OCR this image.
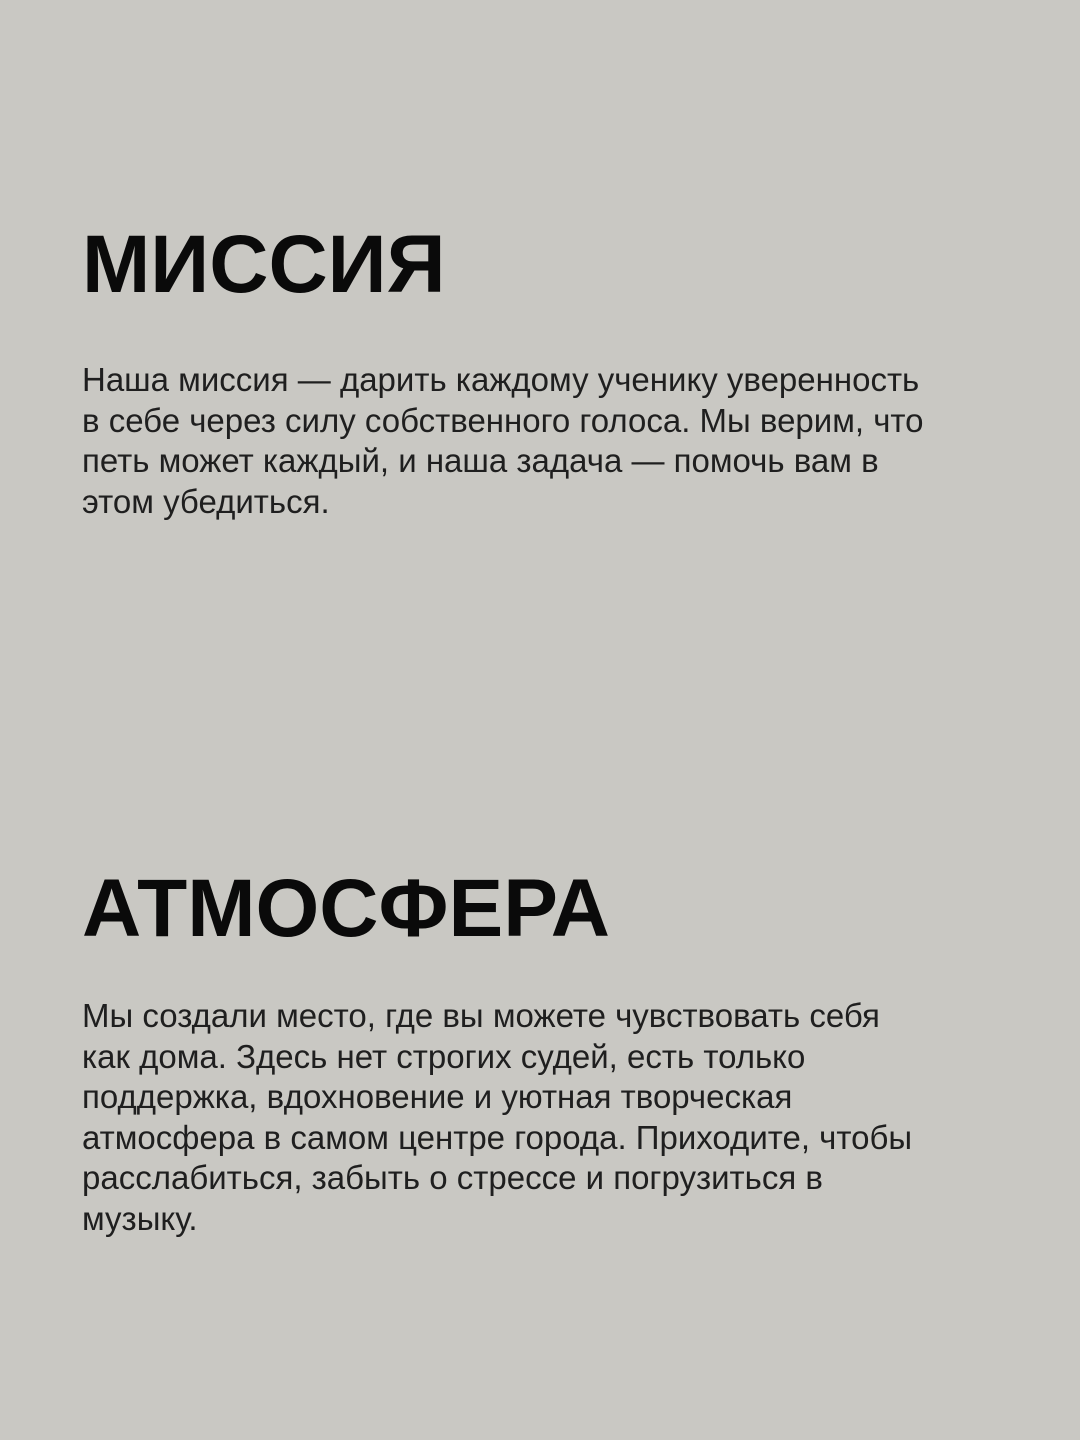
МИССИЯ

Наша миссия — дарить каждому ученику уверенность
в себе через силу собственного голоса. Мы верим, что
петь может каждый, и наша задача — помочь вам в
этом убедиться.

АТМОСФЕРА

Мы создали место, где вы можете чувствовать себя
как дома. Здесь нет строгих судей, есть только
поддержка, вдохновение и уютная творческая
атмосфера в самом центре города. Приходите, чтобы
расслабиться, забыть о стрессе и погрузиться в
музыку.
